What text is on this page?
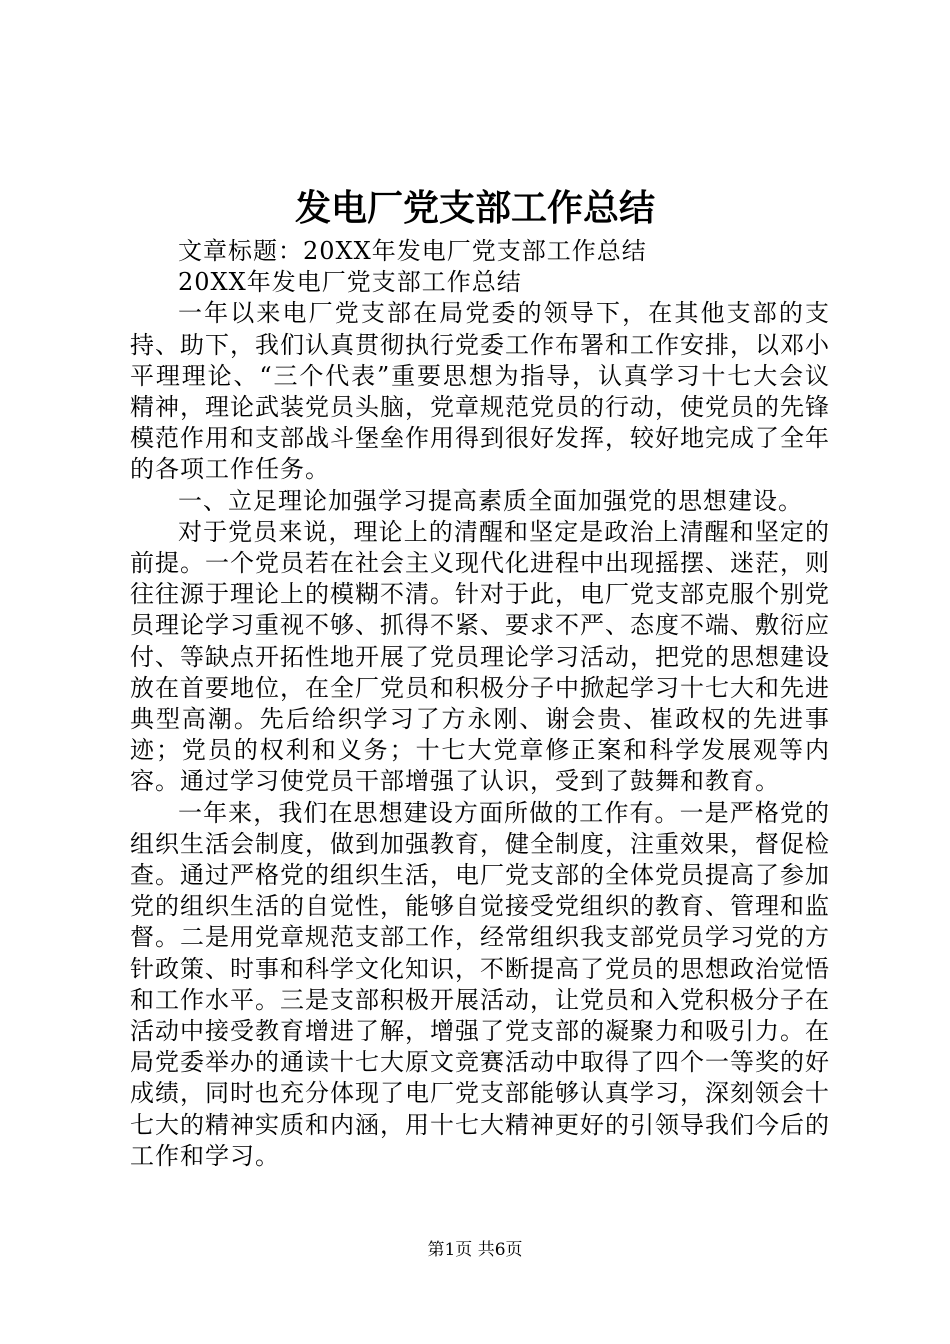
发电厂党支部工作总结

文章标题：20XX年发电厂党支部工作总结

20XX年发电厂党支部工作总结

一年以来电厂党支部在局党委的领导下，在其他支部的支持、助下，我们认真贯彻执行党委工作布署和工作安排，以邓小平理理论、“三个代表”重要思想为指导，认真学习十七大会议精神，理论武装党员头脑，党章规范党员的行动，使党员的先锋模范作用和支部战斗堡垒作用得到很好发挥，较好地完成了全年的各项工作任务。

一、立足理论加强学习提高素质全面加强党的思想建设。

对于党员来说，理论上的清醒和坚定是政治上清醒和坚定的前提。一个党员若在社会主义现代化进程中出现摇摆、迷茫，则往往源于理论上的模糊不清。针对于此，电厂党支部克服个别党员理论学习重视不够、抓得不紧、要求不严、态度不端、敷衍应付、等缺点开拓性地开展了党员理论学习活动，把党的思想建设放在首要地位，在全厂党员和积极分子中掀起学习十七大和先进典型高潮。先后给织学习了方永刚、谢会贵、崔政权的先进事迹；党员的权利和义务；十七大党章修正案和科学发展观等内容。通过学习使党员干部增强了认识，受到了鼓舞和教育。

一年来，我们在思想建设方面所做的工作有。一是严格党的组织生活会制度，做到加强教育，健全制度，注重效果，督促检查。通过严格党的组织生活，电厂党支部的全体党员提高了参加党的组织生活的自觉性，能够自觉接受党组织的教育、管理和监督。二是用党章规范支部工作，经常组织我支部党员学习党的方针政策、时事和科学文化知识，不断提高了党员的思想政治觉悟和工作水平。三是支部积极开展活动，让党员和入党积极分子在活动中接受教育增进了解，增强了党支部的凝聚力和吸引力。在局党委举办的通读十七大原文竞赛活动中取得了四个一等奖的好成绩，同时也充分体现了电厂党支部能够认真学习，深刻领会十七大的精神实质和内涵，用十七大精神更好的引领导我们今后的工作和学习。

第1页 共6页
